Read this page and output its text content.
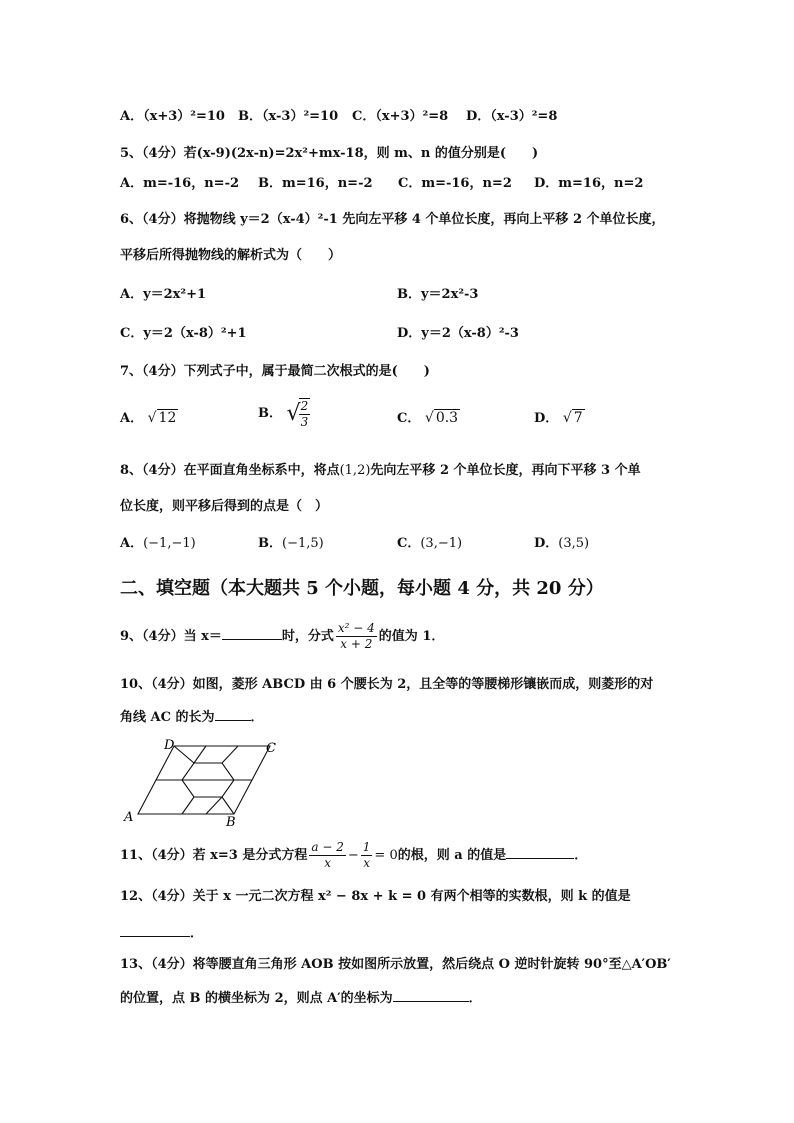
A．（x+3）²=10 B．（x-3）²=10 C．（x+3）²=8 D．（x-3）²=8
5、（4分）若(x-9)(2x-n)=2x²+mx-18，则 m、n 的值分别是(　　)
A．m=-16，n=-2 B．m=16，n=-2 C．m=-16，n=2 D．m=16，n=2
6、（4分）将抛物线 y＝2（x-4）²-1 先向左平移 4 个单位长度，再向上平移 2 个单位长度，
平移后所得抛物线的解析式为（　　）
A．y＝2x²+1	B．y＝2x²-3
C．y＝2（x-8）²+1	D．y＝2（x-8）²-3
7、（4分）下列式子中，属于最简二次根式的是(　　)
A． √ 12	B． √
$\frac{2}{3}$	C． √ 0.3	D． √ 7
8、（4分）在平面直角坐标系中，将点(1,2)先向左平移 2 个单位长度，再向下平移 3 个单
位长度，则平移后得到的点是（　）
A．(−1,−1)	B．(−1,5)	C．(3,−1)	D．(3,5)
二、填空题（本大题共 5 个小题，每小题 4 分，共 20 分）
9、（4分）当 x＝	时，分式 $\frac{\text{x² − 4}}{x + 2}$ 的值为 1．
10、（4分）如图，菱形 ABCD 由 6 个腰长为 2，且全等的等腰梯形镶嵌而成，则菱形的对
角线 AC 的长为	．
D	C
A	B
11、（4分）若 x=3 是分式方程 $\frac{a - 2}{x} - \frac{1}{x} = 0$的根，则 a 的值是	．
12、（4分）关于 x 一元二次方程 x² − 8x + k = 0 有两个相等的实数根，则 k 的值是
．
13、（4分）将等腰直角三角形 AOB 按如图所示放置，然后绕点 O 逆时针旋转 90°至△A′OB′
的位置，点 B 的横坐标为 2，则点 A′的坐标为	．
